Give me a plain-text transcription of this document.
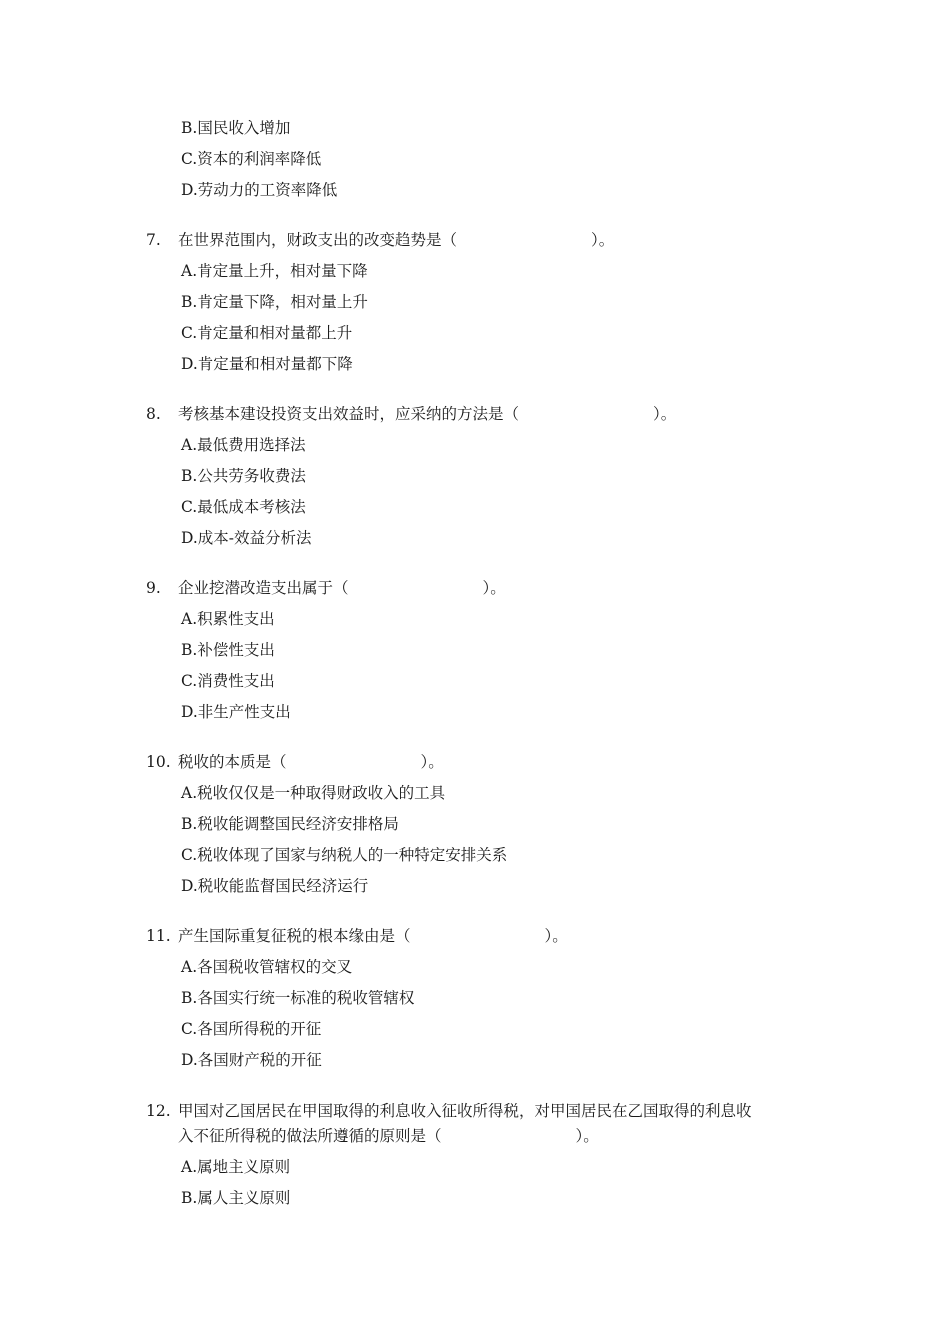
B.国民收入增加
C.资本的利润率降低
D.劳动力的工资率降低
7. 在世界范围内，财政支出的改变趋势是（	）。
A.肯定量上升，相对量下降
B.肯定量下降，相对量上升
C.肯定量和相对量都上升
D.肯定量和相对量都下降
8. 考核基本建设投资支出效益时，应采纳的方法是（	）。
A.最低费用选择法
B.公共劳务收费法
C.最低成本考核法
D.成本-效益分析法
9. 企业挖潜改造支出属于（	）。
A.积累性支出
B.补偿性支出
C.消费性支出
D.非生产性支出
10. 税收的本质是（	）。
A.税收仅仅是一种取得财政收入的工具
B.税收能调整国民经济安排格局
C.税收体现了国家与纳税人的一种特定安排关系
D.税收能监督国民经济运行
11. 产生国际重复征税的根本缘由是（	）。
A.各国税收管辖权的交叉
B.各国实行统一标准的税收管辖权
C.各国所得税的开征
D.各国财产税的开征
12. 甲国对乙国居民在甲国取得的利息收入征收所得税，对甲国居民在乙国取得的利息收
入不征所得税的做法所遵循的原则是（	）。
A.属地主义原则
B.属人主义原则
